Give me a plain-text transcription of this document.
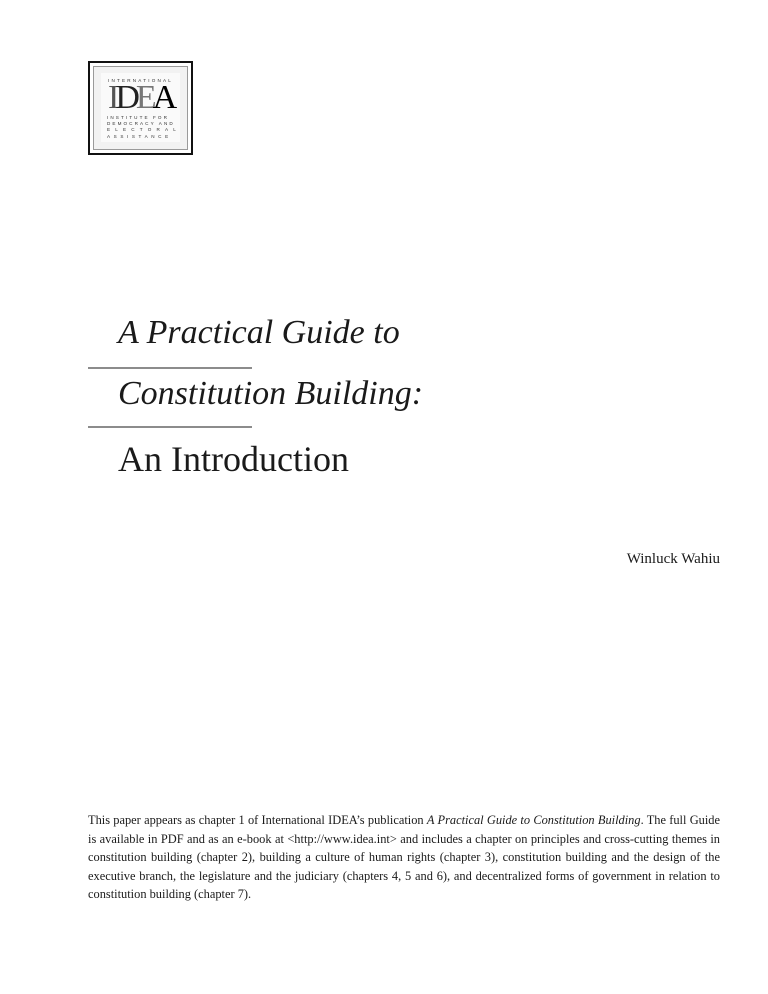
INTERNATIONAL
I D E A
INSTITUTE FOR
DEMOCRACY AND
ELECTORAL
ASSISTANCE
A Practical Guide to
Constitution Building:
An Introduction
Winluck Wahiu

This paper appears as chapter 1 of International IDEA’s publication A Practical Guide to Constitution Building. The full Guide is available in PDF and as an e-book at <http://www.idea.int> and includes a chapter on principles and cross-cutting themes in constitution building (chapter 2), building a culture of human rights (chapter 3), constitution building and the design of the executive branch, the legislature and the judiciary (chapters 4, 5 and 6), and decentralized forms of government in relation to constitution building (chapter 7).
